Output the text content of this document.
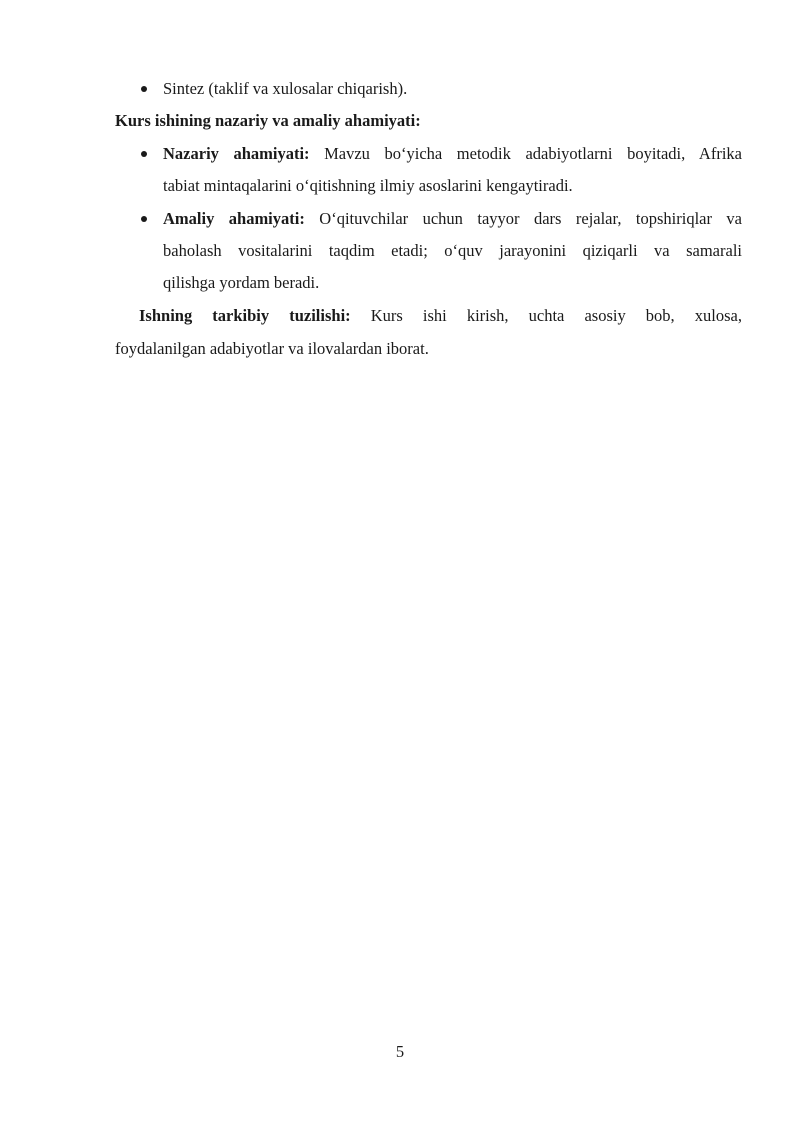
Sintez (taklif va xulosalar chiqarish).
Kurs ishining nazariy va amaliy ahamiyati:
Nazariy ahamiyati: Mavzu bo‘yicha metodik adabiyotlarni boyitadi, Afrika
tabiat mintaqalarini o‘qitishning ilmiy asoslarini kengaytiradi.
Amaliy ahamiyati: O‘qituvchilar uchun tayyor dars rejalar, topshiriqlar va
baholash vositalarini taqdim etadi; o‘quv jarayonini qiziqarli va samarali
qilishga yordam beradi.
Ishning tarkibiy tuzilishi: Kurs ishi kirish, uchta asosiy bob, xulosa,
foydalanilgan adabiyotlar va ilovalardan iborat.
5
